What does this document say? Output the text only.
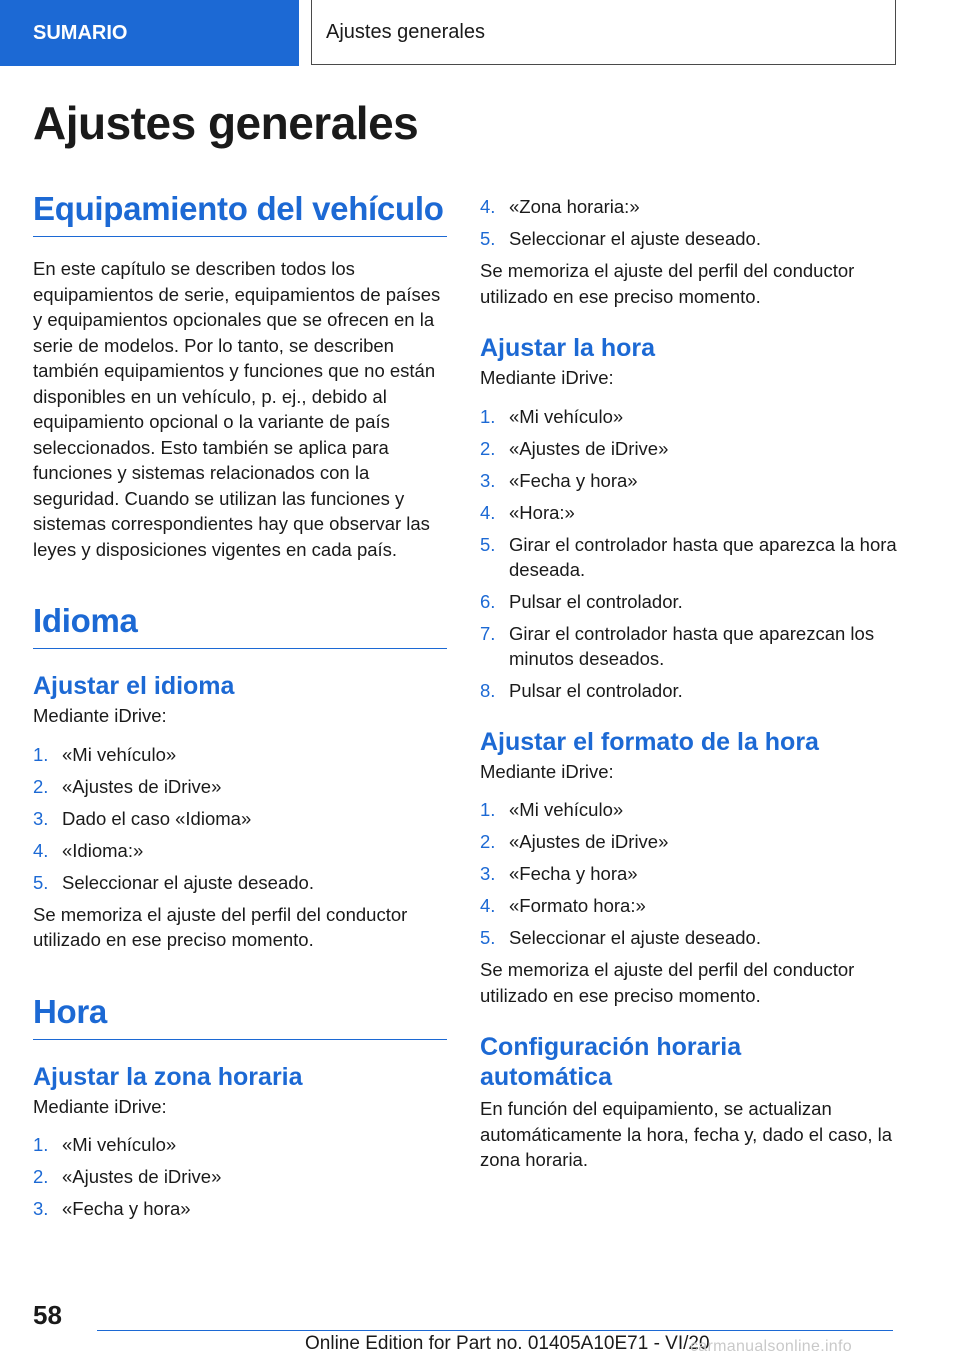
SUMARIO	Ajustes generales
Ajustes generales
Equipamiento del vehículo

En este capítulo se describen todos los equipamientos de serie, equipamientos de países y equipamientos opcionales que se ofrecen en la serie de modelos. Por lo tanto, se describen también equipamientos y funciones que no están disponibles en un vehículo, p. ej., debido al equipamiento opcional o la variante de país seleccionados. Esto también se aplica para funciones y sistemas relacionados con la seguridad. Cuando se utilizan las funciones y sistemas correspondientes hay que observar las leyes y disposiciones vigentes en cada país.

Idioma
Ajustar el idioma

Mediante iDrive:

1. «Mi vehículo»
2. «Ajustes de iDrive»
3. Dado el caso «Idioma»
4. «Idioma:»
5. Seleccionar el ajuste deseado.

Se memoriza el ajuste del perfil del conductor utilizado en ese preciso momento.

Hora
Ajustar la zona horaria

Mediante iDrive:

1. «Mi vehículo»
2. «Ajustes de iDrive»
3. «Fecha y hora»
4. «Zona horaria:»
5. Seleccionar el ajuste deseado.

Se memoriza el ajuste del perfil del conductor utilizado en ese preciso momento.

Ajustar la hora

Mediante iDrive:

1. «Mi vehículo»
2. «Ajustes de iDrive»
3. «Fecha y hora»
4. «Hora:»
5. Girar el controlador hasta que aparezca la hora deseada.
6. Pulsar el controlador.
7. Girar el controlador hasta que aparezcan los minutos deseados.
8. Pulsar el controlador.
Ajustar el formato de la hora

Mediante iDrive:

1. «Mi vehículo»
2. «Ajustes de iDrive»
3. «Fecha y hora»
4. «Formato hora:»
5. Seleccionar el ajuste deseado.

Se memoriza el ajuste del perfil del conductor utilizado en ese preciso momento.

Configuración horaria automática

En función del equipamiento, se actualizan automáticamente la hora, fecha y, dado el caso, la zona horaria.

58
Online Edition for Part no. 01405A10E71 - VI/20
carmanualsonline.info
